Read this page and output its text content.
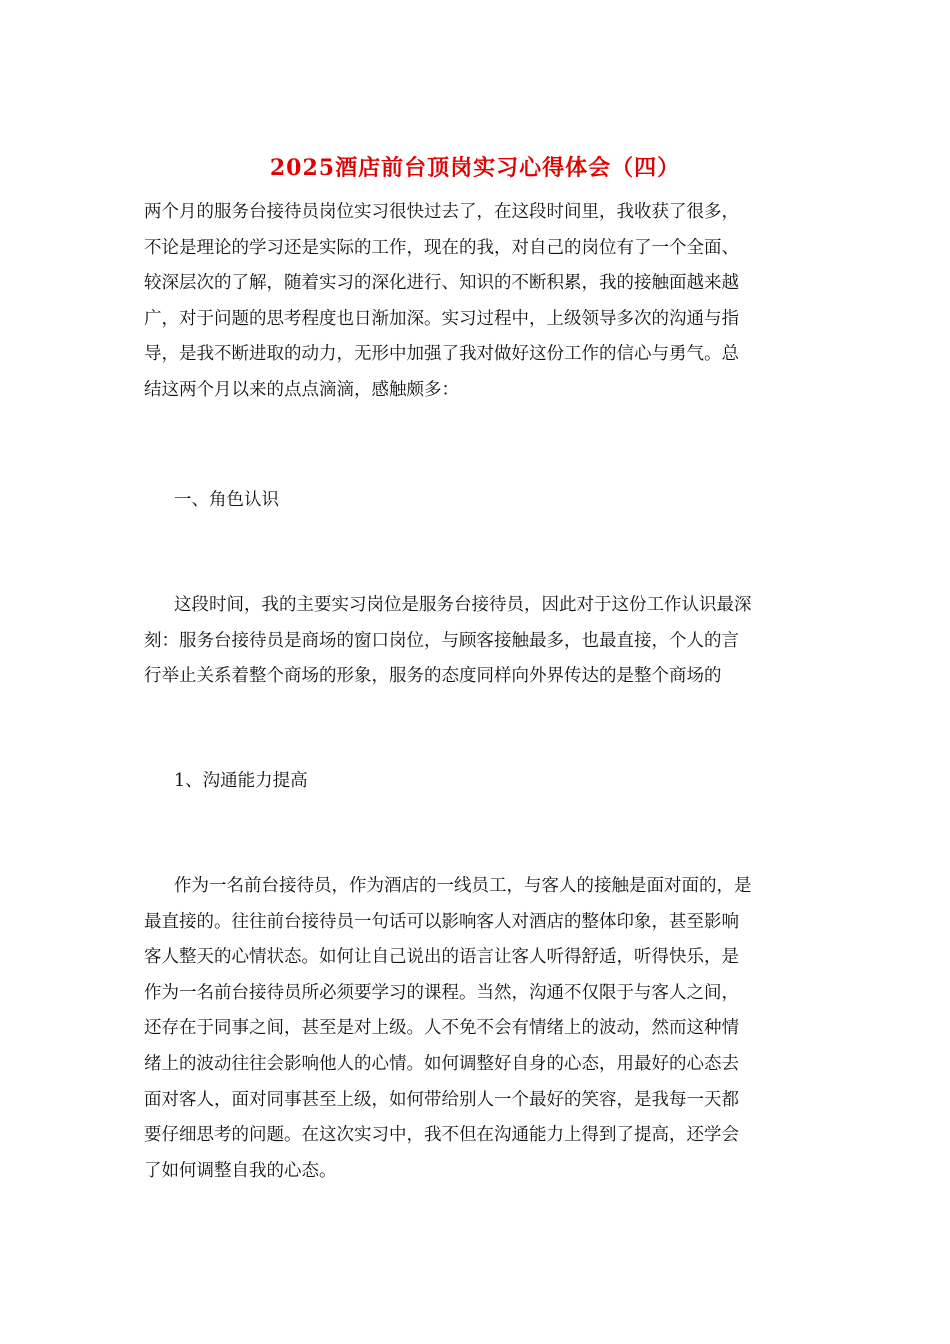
2025酒店前台顶岗实习心得体会（四）
两个月的服务台接待员岗位实习很快过去了，在这段时间里，我收获了很多，
不论是理论的学习还是实际的工作，现在的我，对自己的岗位有了一个全面、
较深层次的了解，随着实习的深化进行、知识的不断积累，我的接触面越来越
广，对于问题的思考程度也日渐加深。实习过程中，上级领导多次的沟通与指
导，是我不断进取的动力，无形中加强了我对做好这份工作的信心与勇气。总
结这两个月以来的点点滴滴，感触颇多：
一、角色认识
这段时间，我的主要实习岗位是服务台接待员，因此对于这份工作认识最深
刻：服务台接待员是商场的窗口岗位，与顾客接触最多，也最直接，个人的言
行举止关系着整个商场的形象，服务的态度同样向外界传达的是整个商场的
1、沟通能力提高
作为一名前台接待员，作为酒店的一线员工，与客人的接触是面对面的，是
最直接的。往往前台接待员一句话可以影响客人对酒店的整体印象，甚至影响
客人整天的心情状态。如何让自己说出的语言让客人听得舒适，听得快乐，是
作为一名前台接待员所必须要学习的课程。当然，沟通不仅限于与客人之间，
还存在于同事之间，甚至是对上级。人不免不会有情绪上的波动，然而这种情
绪上的波动往往会影响他人的心情。如何调整好自身的心态，用最好的心态去
面对客人，面对同事甚至上级，如何带给别人一个最好的笑容，是我每一天都
要仔细思考的问题。在这次实习中，我不但在沟通能力上得到了提高，还学会
了如何调整自我的心态。
